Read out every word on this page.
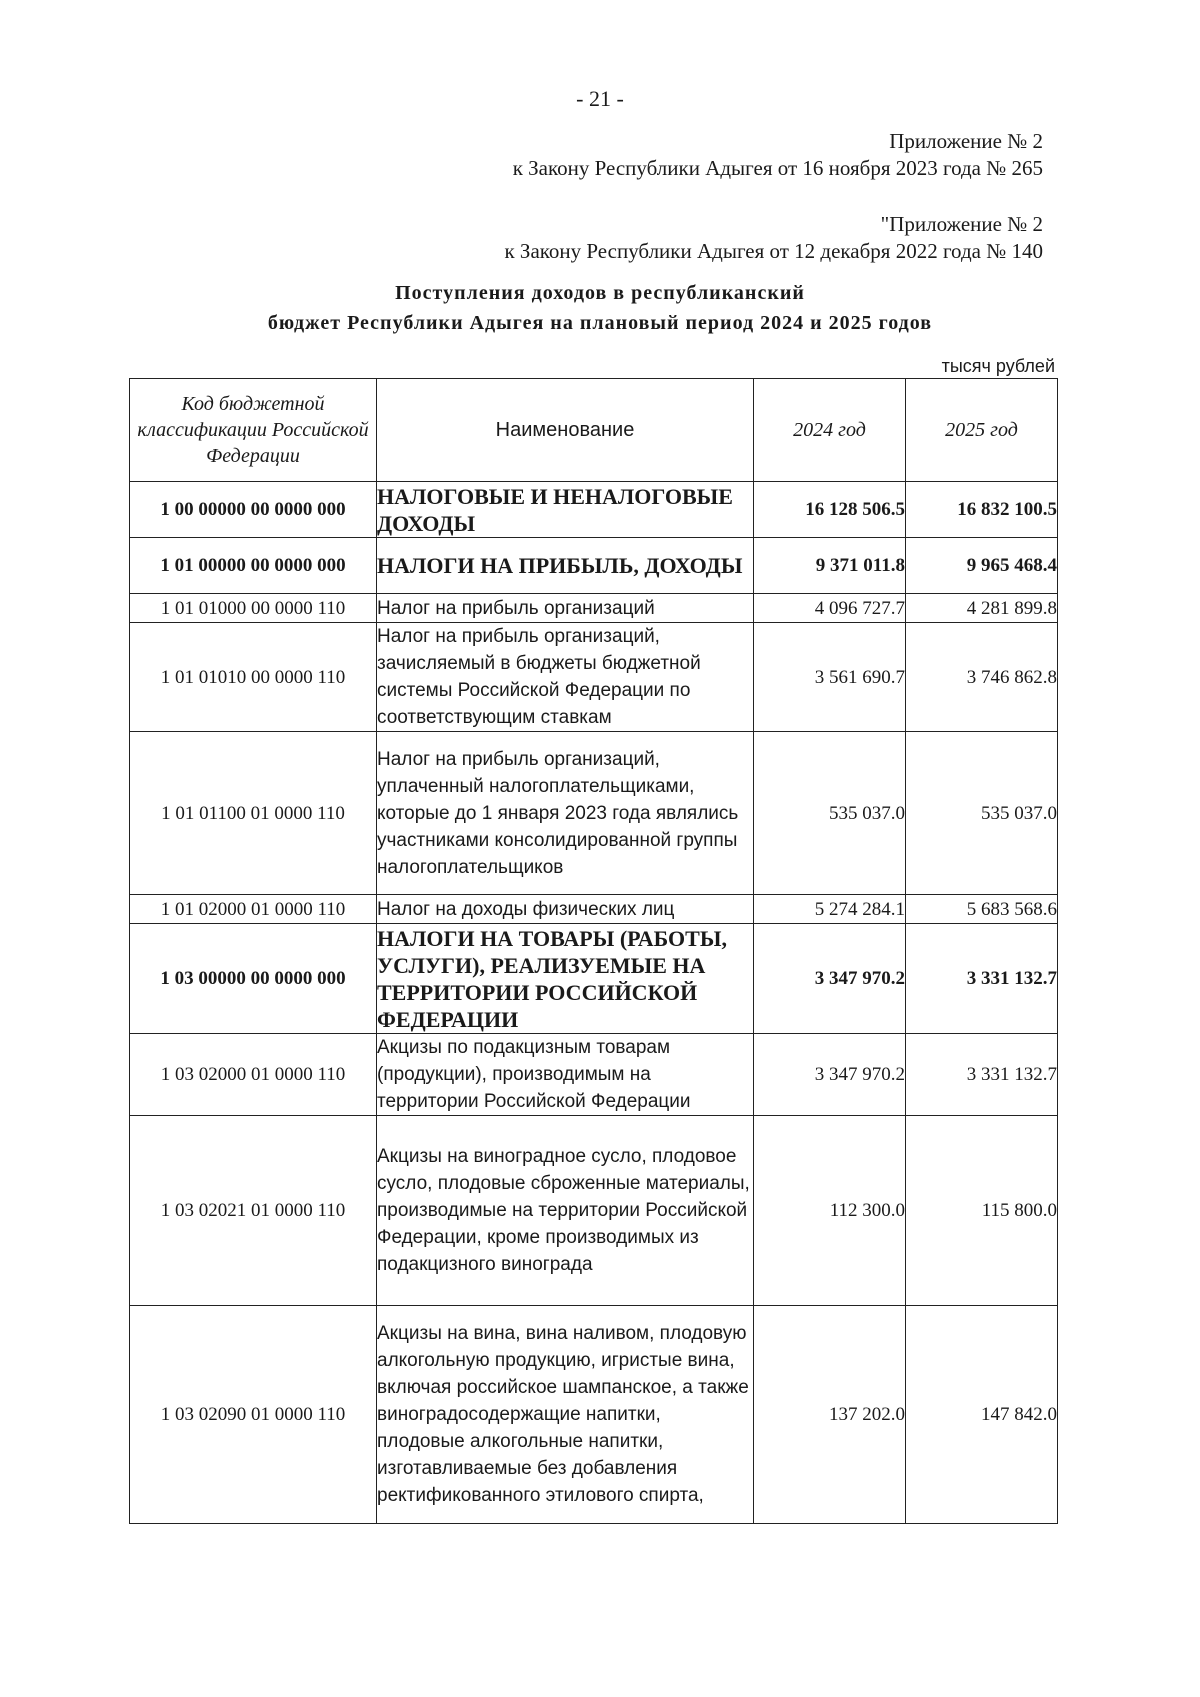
- 21 -
Приложение № 2
к Закону Республики Адыгея от 16 ноября 2023 года № 265
"Приложение № 2
к Закону Республики Адыгея от 12 декабря 2022 года № 140
Поступления доходов в республиканский
бюджет Республики Адыгея на плановый период 2024 и 2025 годов
тысяч рублей
Код бюджетной классификации Российской Федерации	Наименование	2024 год	2025 год
1 00 00000 00 0000 000	НАЛОГОВЫЕ И НЕНАЛОГОВЫЕ ДОХОДЫ	16 128 506.5	16 832 100.5
1 01 00000 00 0000 000	НАЛОГИ НА ПРИБЫЛЬ, ДОХОДЫ	9 371 011.8	9 965 468.4
1 01 01000 00 0000 110	Налог на прибыль организаций	4 096 727.7	4 281 899.8
1 01 01010 00 0000 110	Налог на прибыль организаций, зачисляемый в бюджеты бюджетной системы Российской Федерации по соответствующим ставкам	3 561 690.7	3 746 862.8
1 01 01100 01 0000 110	Налог на прибыль организаций, уплаченный налогоплательщиками, которые до 1 января 2023 года являлись участниками консолидированной группы налогоплательщиков	535 037.0	535 037.0
1 01 02000 01 0000 110	Налог на доходы физических лиц	5 274 284.1	5 683 568.6
1 03 00000 00 0000 000	НАЛОГИ НА ТОВАРЫ (РАБОТЫ, УСЛУГИ), РЕАЛИЗУЕМЫЕ НА ТЕРРИТОРИИ РОССИЙСКОЙ ФЕДЕРАЦИИ	3 347 970.2	3 331 132.7
1 03 02000 01 0000 110	Акцизы по подакцизным товарам (продукции), производимым на территории Российской Федерации	3 347 970.2	3 331 132.7
1 03 02021 01 0000 110	Акцизы на виноградное сусло, плодовое сусло, плодовые сброженные материалы, производимые на территории Российской Федерации, кроме производимых из подакцизного винограда	112 300.0	115 800.0
1 03 02090 01 0000 110	Акцизы на вина, вина наливом, плодовую алкогольную продукцию, игристые вина, включая российское шампанское, а также виноградосодержащие напитки, плодовые алкогольные напитки, изготавливаемые без добавления ректификованного этилового спирта,	137 202.0	147 842.0
